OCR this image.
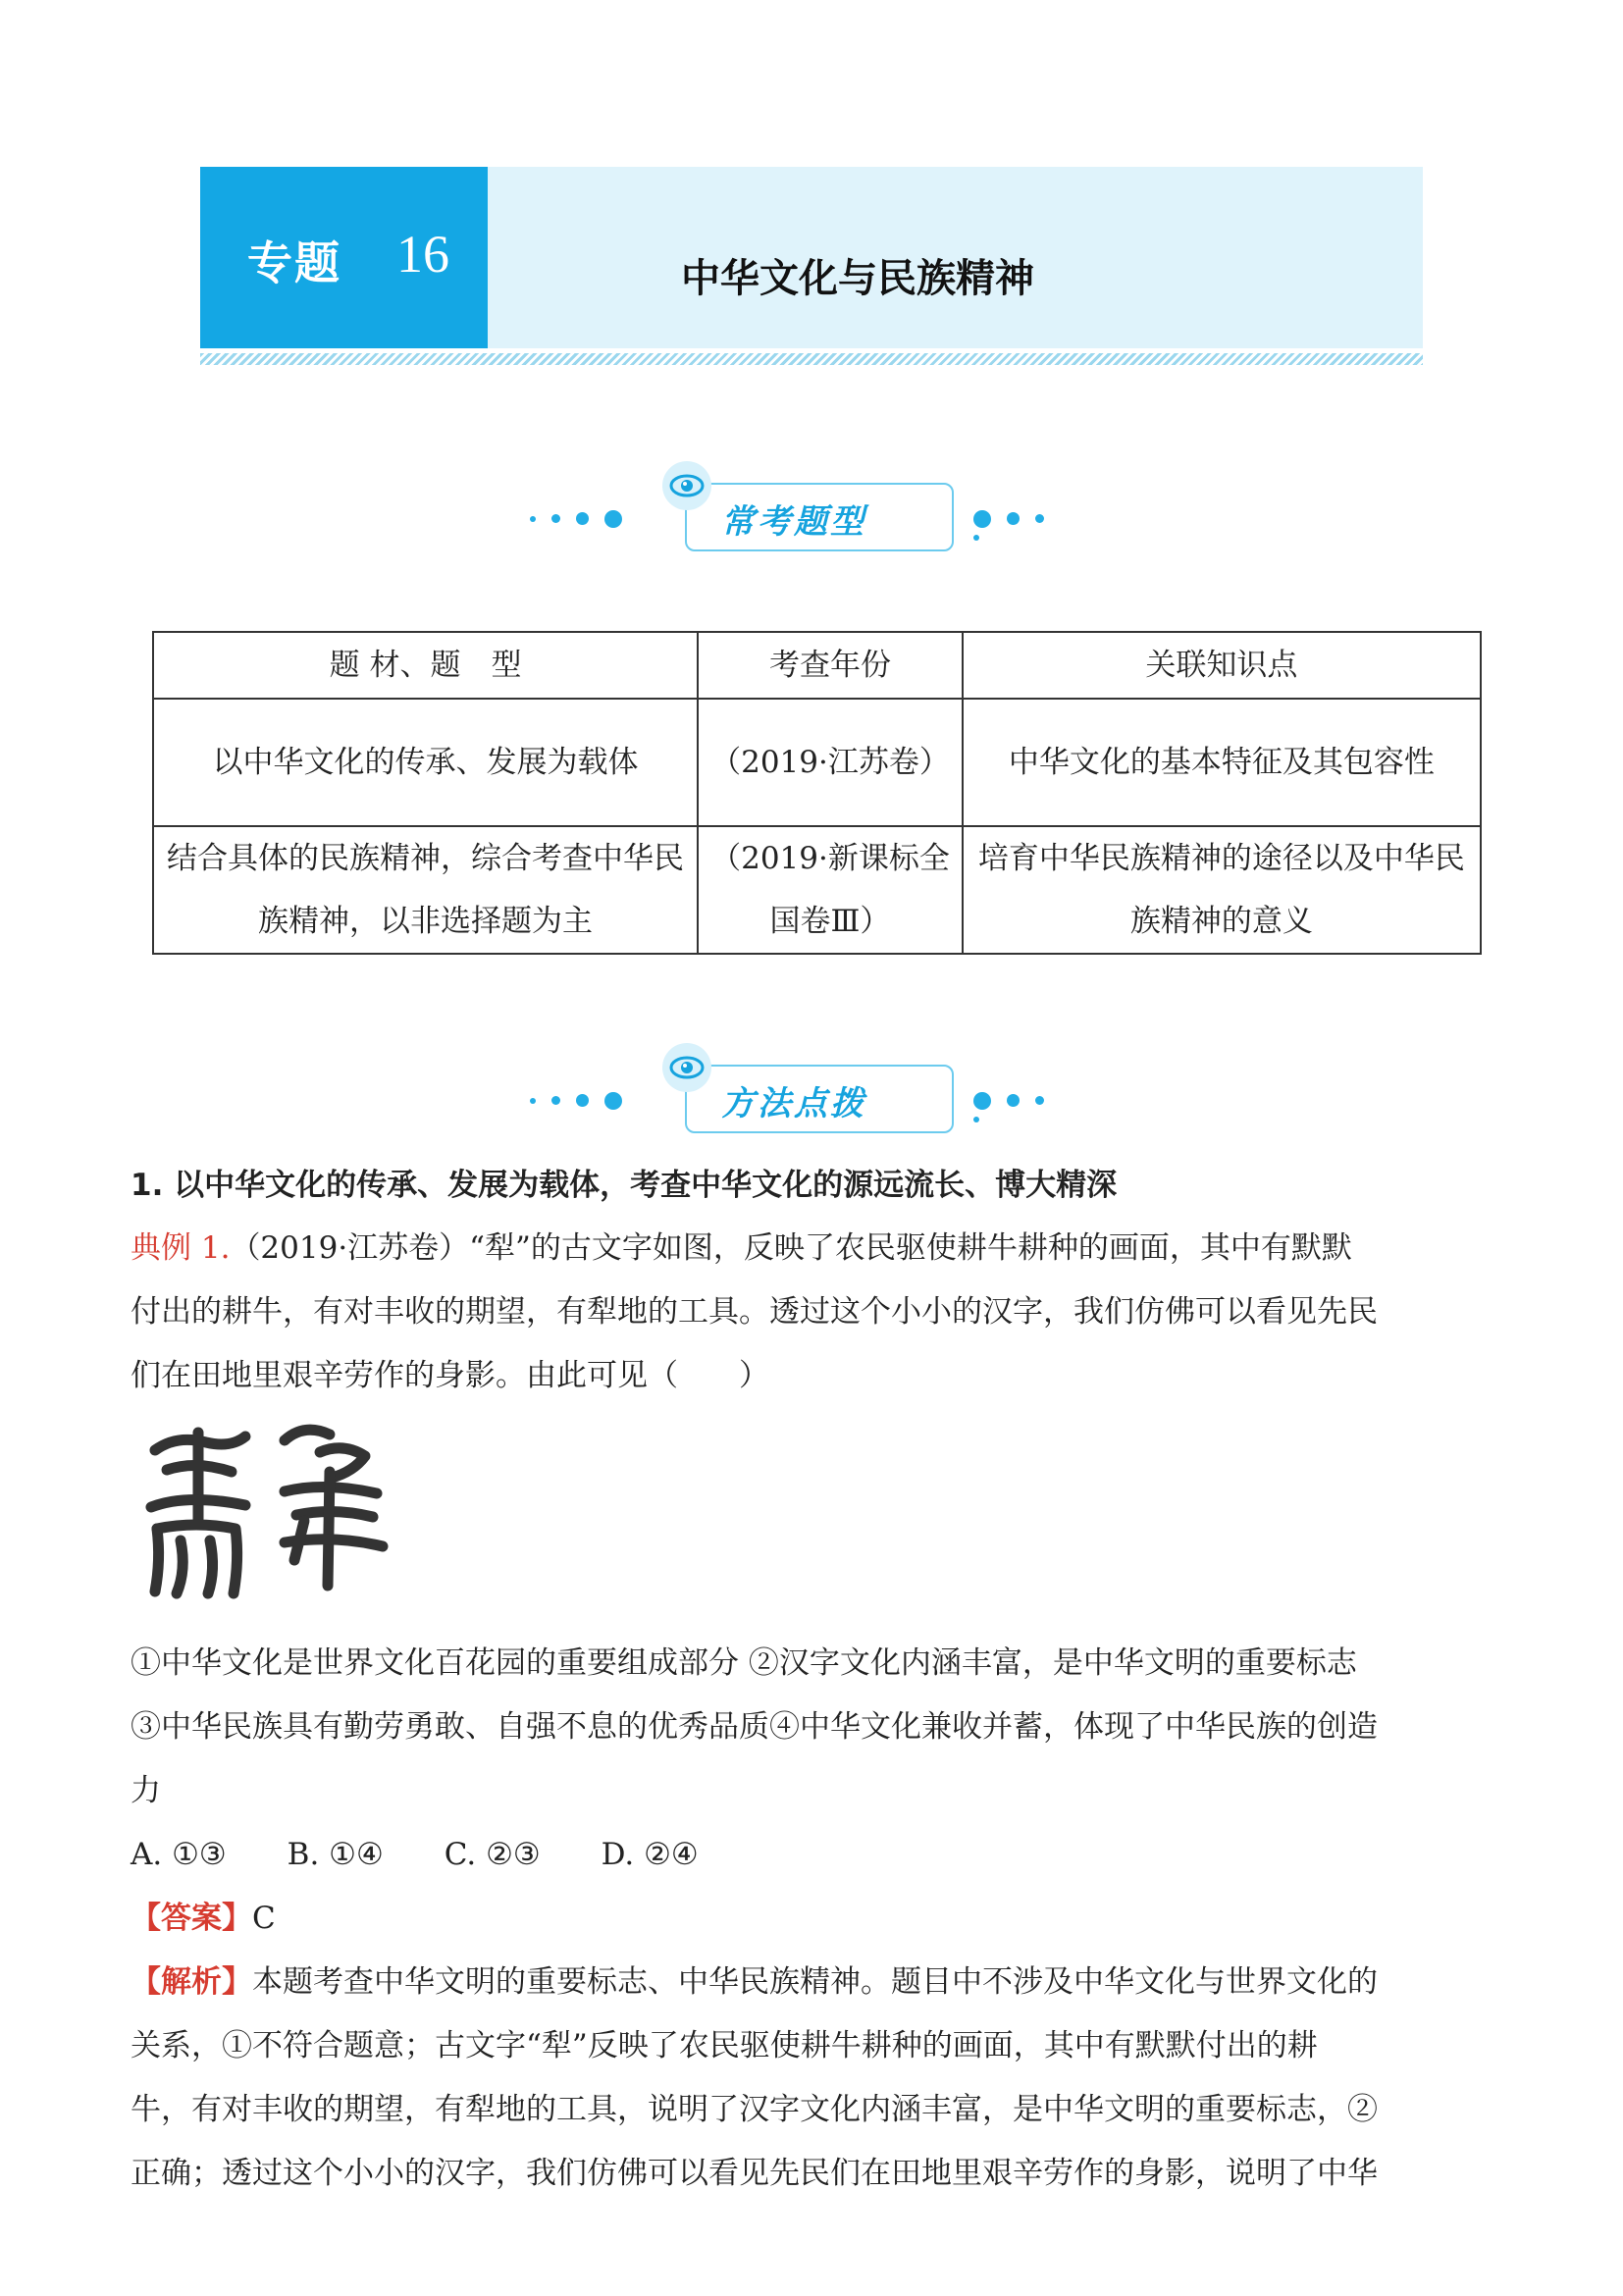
专题 16	中华文化与民族精神
常考题型
题 材、题　型	考查年份	关联知识点
以中华文化的传承、发展为载体	（2019·江苏卷）	中华文化的基本特征及其包容性
结合具体的民族精神，综合考查中华民族精神，以非选择题为主	（2019·新课标全国卷Ⅲ）	培育中华民族精神的途径以及中华民族精神的意义
方法点拨
1. 以中华文化的传承、发展为载体，考查中华文化的源远流长、博大精深
典例 1.（2019·江苏卷）“犁”的古文字如图，反映了农民驱使耕牛耕种的画面，其中有默默
付出的耕牛，有对丰收的期望，有犁地的工具。透过这个小小的汉字，我们仿佛可以看见先民
们在田地里艰辛劳作的身影。由此可见（　　）
①中华文化是世界文化百花园的重要组成部分 ②汉字文化内涵丰富，是中华文明的重要标志
③中华民族具有勤劳勇敢、自强不息的优秀品质④中华文化兼收并蓄，体现了中华民族的创造
力
A. ①③　　B. ①④　　C. ②③　　D. ②④
【答案】C
【解析】本题考查中华文明的重要标志、中华民族精神。题目中不涉及中华文化与世界文化的
关系，①不符合题意；古文字“犁”反映了农民驱使耕牛耕种的画面，其中有默默付出的耕
牛，有对丰收的期望，有犁地的工具，说明了汉字文化内涵丰富，是中华文明的重要标志，②
正确；透过这个小小的汉字，我们仿佛可以看见先民们在田地里艰辛劳作的身影，说明了中华
